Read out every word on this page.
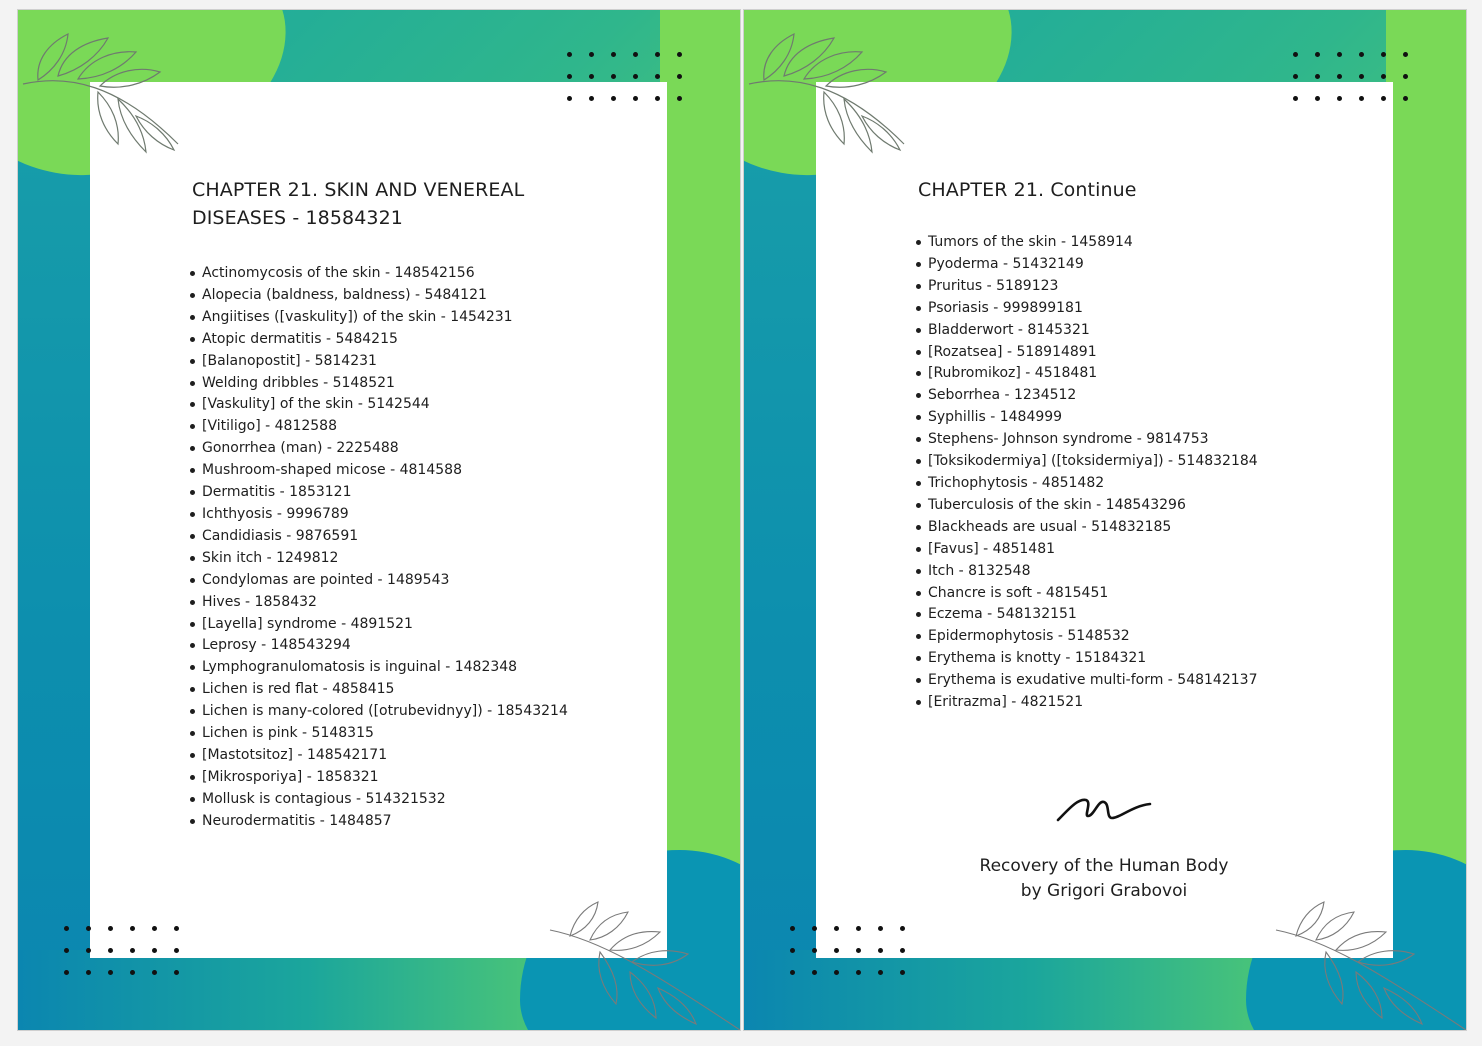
CHAPTER 21. SKIN AND VENEREAL DISEASES - 18584321
Actinomycosis of the skin - 148542156
Alopecia (baldness, baldness) - 5484121
Angiitises ([vaskulity]) of the skin - 1454231
Atopic dermatitis - 5484215
[Balanopostit] - 5814231
Welding dribbles - 5148521
[Vaskulity] of the skin - 5142544
[Vitiligo] - 4812588
Gonorrhea (man) - 2225488
Mushroom-shaped micose - 4814588
Dermatitis - 1853121
Ichthyosis - 9996789
Candidiasis - 9876591
Skin itch - 1249812
Condylomas are pointed - 1489543
Hives - 1858432
[Layella] syndrome - 4891521
Leprosy - 148543294
Lymphogranulomatosis is inguinal - 1482348
Lichen is red flat - 4858415
Lichen is many-colored ([otrubevidnyy]) - 18543214
Lichen is pink - 5148315
[Mastotsitoz] - 148542171
[Mikrosporiya] - 1858321
Mollusk is contagious - 514321532
Neurodermatitis - 1484857
CHAPTER 21. Continue
Tumors of the skin - 1458914
Pyoderma - 51432149
Pruritus - 5189123
Psoriasis - 999899181
Bladderwort - 8145321
[Rozatsea] - 518914891
[Rubromikoz] - 4518481
Seborrhea - 1234512
Syphillis - 1484999
Stephens- Johnson syndrome - 9814753
[Toksikodermiya] ([toksidermiya]) - 514832184
Trichophytosis - 4851482
Tuberculosis of the skin - 148543296
Blackheads are usual - 514832185
[Favus] - 4851481
Itch - 8132548
Chancre is soft - 4815451
Eczema - 548132151
Epidermophytosis - 5148532
Erythema is knotty - 15184321
Erythema is exudative multi-form - 548142137
[Eritrazma] - 4821521
Recovery of the Human Body
by Grigori Grabovoi
